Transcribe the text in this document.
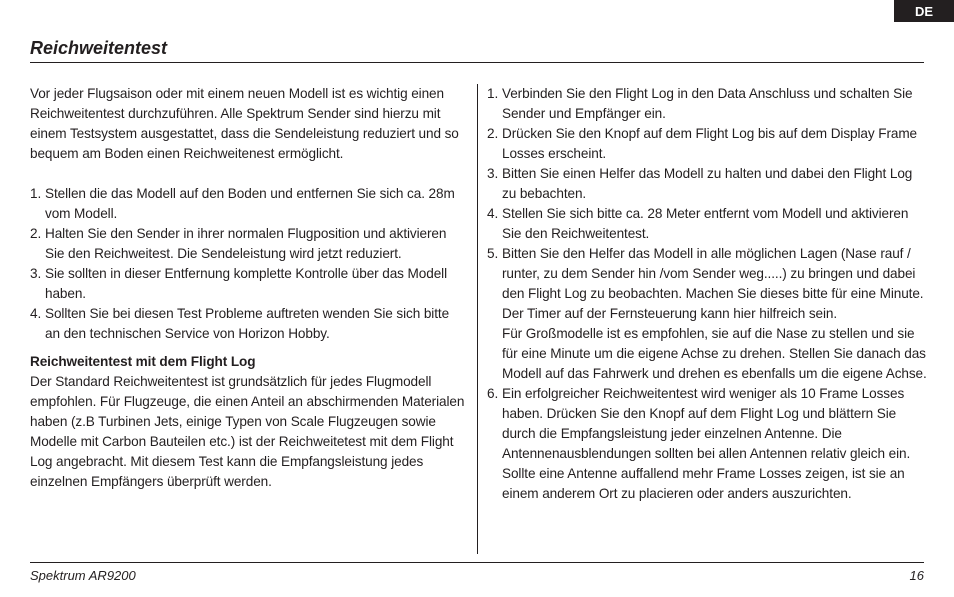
DE
Reichweitentest

Vor jeder Flugsaison oder mit einem neuen Modell ist es wichtig einen Reichweitentest durchzuführen. Alle Spektrum Sender sind hierzu mit einem Testsystem ausgestattet, dass die Sendeleistung reduziert und so bequem am Boden einen Reichweitenest ermöglicht.

1. Stellen die das Modell auf den Boden und entfernen Sie sich ca. 28m vom Modell.
2. Halten Sie den Sender in ihrer normalen Flugposition und aktivieren Sie den Reichweitest. Die Sendeleistung wird jetzt reduziert.
3. Sie sollten in dieser Entfernung komplette Kontrolle über das Modell haben.
4. Sollten Sie bei diesen Test Probleme auftreten wenden Sie sich bitte an den technischen Service von Horizon Hobby.

Reichweitentest mit dem Flight Log

Der Standard Reichweitentest ist grundsätzlich für jedes Flugmodell empfohlen. Für Flugzeuge, die einen Anteil an abschirmenden Materialen haben (z.B Turbinen Jets, einige Typen von Scale Flugzeugen sowie Modelle mit Carbon Bauteilen etc.) ist der Reichweitetest mit dem Flight Log angebracht. Mit diesem Test kann die Empfangsleistung jedes einzelnen Empfängers überprüft werden.

1. Verbinden Sie den Flight Log in den Data Anschluss und schalten Sie Sender und Empfänger ein.
2. Drücken Sie den Knopf auf dem Flight Log bis auf dem Display Frame Losses erscheint.
3. Bitten Sie einen Helfer das Modell zu halten und dabei den Flight Log zu bebachten.
4. Stellen Sie sich bitte ca. 28 Meter entfernt vom Modell und aktivieren Sie den Reichweitentest.
5. Bitten Sie den Helfer das Modell in alle möglichen Lagen (Nase rauf / runter, zu dem Sender hin /vom Sender weg.....) zu bringen und dabei den Flight Log zu beobachten. Machen Sie dieses bitte für eine Minute. Der Timer auf der Fernsteuerung kann hier hilfreich sein.
Für Großmodelle ist es empfohlen, sie auf die Nase zu stellen und sie für eine Minute um die eigene Achse zu drehen. Stellen Sie danach das Modell auf das Fahrwerk und drehen es ebenfalls um die eigene Achse.
6. Ein erfolgreicher Reichweitentest wird weniger als 10 Frame Losses haben. Drücken Sie den Knopf auf dem Flight Log und blättern Sie durch die Empfangsleistung jeder einzelnen Antenne. Die Antennenausblendungen sollten bei allen Antennen relativ gleich ein. Sollte eine Antenne auffallend mehr Frame Losses zeigen, ist sie an einem anderem Ort zu placieren oder anders auszurichten.
Spektrum AR9200	16
